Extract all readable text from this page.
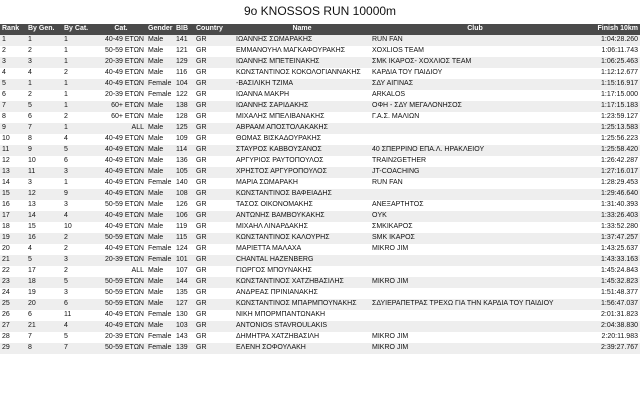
9o KNOSSOS RUN 10000m
Rank	By Gen.	By Cat.	Cat.	Gender	BIB	Country	Name	Club	Finish 10km
1	1	1	40-49 ΕΤΩΝ	Male	141	GR	ΙΩΑΝΝΗΣ ΣΩΜΑΡΑΚΗΣ	RUN FAN	1:04:28.260
2	2	1	50-59 ΕΤΩΝ	Male	121	GR	ΕΜΜΑΝΟΥΗΛ ΜΑΓΚΑΦΟΥΡΑΚΗΣ	XOXLIOS TEAM	1:06:11.743
3	3	1	20-39 ΕΤΩΝ	Male	129	GR	ΙΩΑΝΝΗΣ ΜΠΕΤΕΙΝΑΚΗΣ	ΣΜΚ ΙΚΑΡΟΣ- ΧΟΧΛΙΟΣ TEAM	1:06:25.463
4	4	2	40-49 ΕΤΩΝ	Male	116	GR	ΚΩΝΣΤΑΝΤΙΝΟΣ ΚΟΚΟΛΟΓΙΑΝΝΑΚΗΣ	ΚΑΡΔΙΑ ΤΟΥ ΠΑΙΔΙΟΥ	1:12:12.677
5	1	1	40-49 ΕΤΩΝ	Female	104	GR	-ΒΑΣΙΛΙΚΗ ΤΖΙΜΑ	ΣΔΥ ΑΙΓΙΝΑΣ	1:15:16.917
6	2	1	20-39 ΕΤΩΝ	Female	122	GR	ΙΩΑΝΝΑ ΜΑΚΡΗ	ARKALOS	1:17:15.000
7	5	1	60+ ΕΤΩΝ	Male	138	GR	ΙΩΑΝΝΗΣ ΣΑΡΙΔΑΚΗΣ	ΟΦΗ - ΣΔΥ ΜΕΓΑΛΟΝΗΣΟΣ	1:17:15.183
8	6	2	60+ ΕΤΩΝ	Male	128	GR	ΜΙΧΑΛΗΣ ΜΠΕΛΙΒΑΝΑΚΗΣ	Γ.Α.Σ. ΜΑΛΙΩΝ	1:23:59.127
9	7	1	ALL	Male	125	GR	ΑΒΡΑΑΜ ΑΠΟΣΤΟΛΑΚΑΚΗΣ		1:25:13.583
10	8	4	40-49 ΕΤΩΝ	Male	109	GR	ΘΩΜΑΣ ΒΙΣΚΑΔΟΥΡΑΚΗΣ		1:25:56.223
11	9	5	40-49 ΕΤΩΝ	Male	114	GR	ΣΤΑΥΡΟΣ ΚΑΒΒΟΥΣΑΝΟΣ	40 ΣΠΕΡΡΙΝΟ ΕΠΑ.Λ. ΗΡΑΚΛΕΙΟΥ	1:25:58.420
12	10	6	40-49 ΕΤΩΝ	Male	136	GR	ΑΡΓΥΡΙΟΣ ΡΑΥΤΟΠΟΥΛΟΣ	TRAIN2GETHER	1:26:42.287
13	11	3	40-49 ΕΤΩΝ	Male	105	GR	ΧΡΗΣΤΟΣ ΑΡΓΥΡΟΠΟΥΛΟΣ	JT-COACHING	1:27:16.017
14	3	1	40-49 ΕΤΩΝ	Female	140	GR	ΜΑΡΙΑ ΣΩΜΑΡΑΚΗ	RUN FAN	1:28:29.453
15	12	9	40-49 ΕΤΩΝ	Male	108	GR	ΚΩΝΣΤΑΝΤΙΝΟΣ ΒΑΦΕΙΑΔΗΣ		1:29:46.640
16	13	3	50-59 ΕΤΩΝ	Male	126	GR	ΤΑΣΟΣ ΟΙΚΟΝΟΜΑΚΗΣ	ΑΝΕΞΑΡΤΗΤΟΣ	1:31:40.393
17	14	4	40-49 ΕΤΩΝ	Male	106	GR	ΑΝΤΩΝΗΣ ΒΑΜΒΟΥΚΑΚΗΣ	OYK	1:33:26.403
18	15	10	40-49 ΕΤΩΝ	Male	119	GR	ΜΙΧΑΗΛ ΛΙΝΑΡΔΑΚΗΣ	ΣΜΚΙΚΑΡΟΣ	1:33:52.280
19	16	2	50-59 ΕΤΩΝ	Male	115	GR	ΚΩΝΣΤΑΝΤΙΝΟΣ ΚΑΛΟΥΡΗΣ	SMK ΙΚΑΡΟΣ	1:37:47.257
20	4	2	40-49 ΕΤΩΝ	Female	124	GR	ΜΑΡΙΕΤΤΑ ΜΑΛΑΧΑ	MIKRO JIM	1:43:25.637
21	5	3	20-39 ΕΤΩΝ	Female	101	GR	CHANTAL HAZENBERG		1:43:33.163
22	17	2	ALL	Male	107	GR	ΓΙΩΡΓΟΣ ΜΠΟΥΝΑΚΗΣ		1:45:24.843
23	18	5	50-59 ΕΤΩΝ	Male	144	GR	ΚΩΝΣΤΑΝΤΙΝΟΣ ΧΑΤΖΗΒΑΣΙΛΗΣ	MIKRO JIM	1:45:32.823
24	19	3	50-59 ΕΤΩΝ	Male	135	GR	ΑΝΔΡΕΑΣ ΠΡΙΝΙΑΝΑΚΗΣ		1:51:48.377
25	20	6	50-59 ΕΤΩΝ	Male	127	GR	ΚΩΝΣΤΑΝΤΙΝΟΣ ΜΠΑΡΜΠΟΥΝΑΚΗΣ	ΣΔΥΙΕΡΑΠΕΤΡΑΣ ΤΡΕΧΩ ΓΙΑ ΤΗΝ ΚΑΡΔΙΑ ΤΟΥ ΠΑΙΔΙΟΥ	1:56:47.037
26	6	11	40-49 ΕΤΩΝ	Female	130	GR	ΝΙΚΗ ΜΠΟΡΜΠΑΝΤΩΝΑΚΗ		2:01:31.823
27	21	4	40-49 ΕΤΩΝ	Male	103	GR	ANTONIOS STAVROULAKIS		2:04:38.830
28	7	5	20-39 ΕΤΩΝ	Female	143	GR	ΔΗΜΗΤΡΑ ΧΑΤΖΗΒΑΣΙΛΗ	MIKRO JIM	2:20:11.983
29	8	7	50-59 ΕΤΩΝ	Female	139	GR	ΕΛΕΝΗ ΣΟΦΟΥΛΑΚΗ	MIKRO JIM	2:39:27.767
